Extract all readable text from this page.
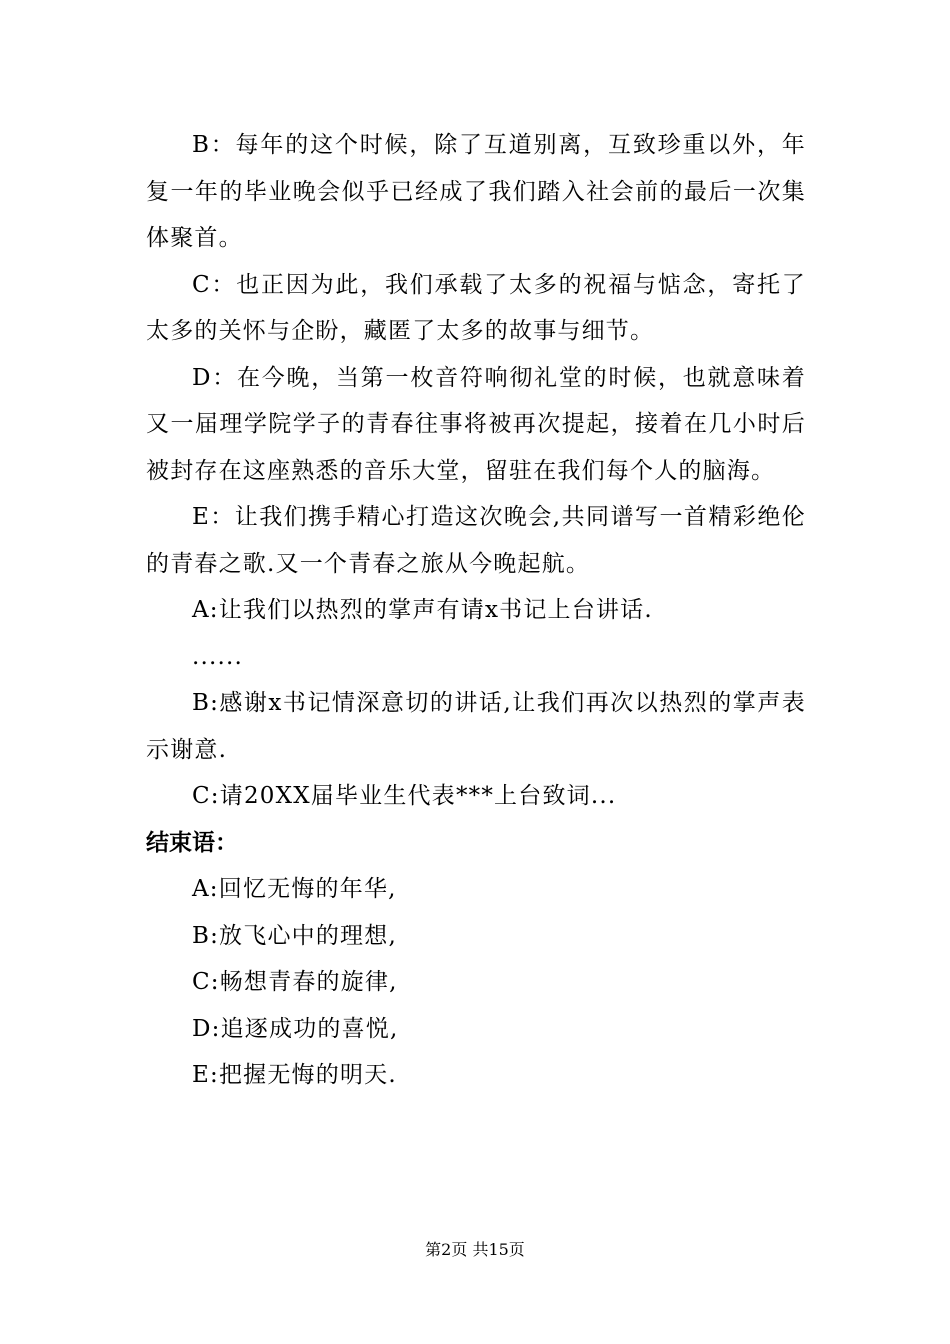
B：每年的这个时候，除了互道别离，互致珍重以外，年复一年的毕业晚会似乎已经成了我们踏入社会前的最后一次集体聚首。

C：也正因为此，我们承载了太多的祝福与惦念，寄托了太多的关怀与企盼，藏匿了太多的故事与细节。

D：在今晚，当第一枚音符响彻礼堂的时候，也就意味着又一届理学院学子的青春往事将被再次提起，接着在几小时后被封存在这座熟悉的音乐大堂，留驻在我们每个人的脑海。

E：让我们携手精心打造这次晚会,共同谱写一首精彩绝伦的青春之歌.又一个青春之旅从今晚起航。

A:让我们以热烈的掌声有请x书记上台讲话.

......

B:感谢x书记情深意切的讲话,让我们再次以热烈的掌声表示谢意.

C:请20XX届毕业生代表***上台致词...

结束语：

A:回忆无悔的年华,

B:放飞心中的理想,

C:畅想青春的旋律,

D:追逐成功的喜悦,

E:把握无悔的明天.

第2页 共15页
